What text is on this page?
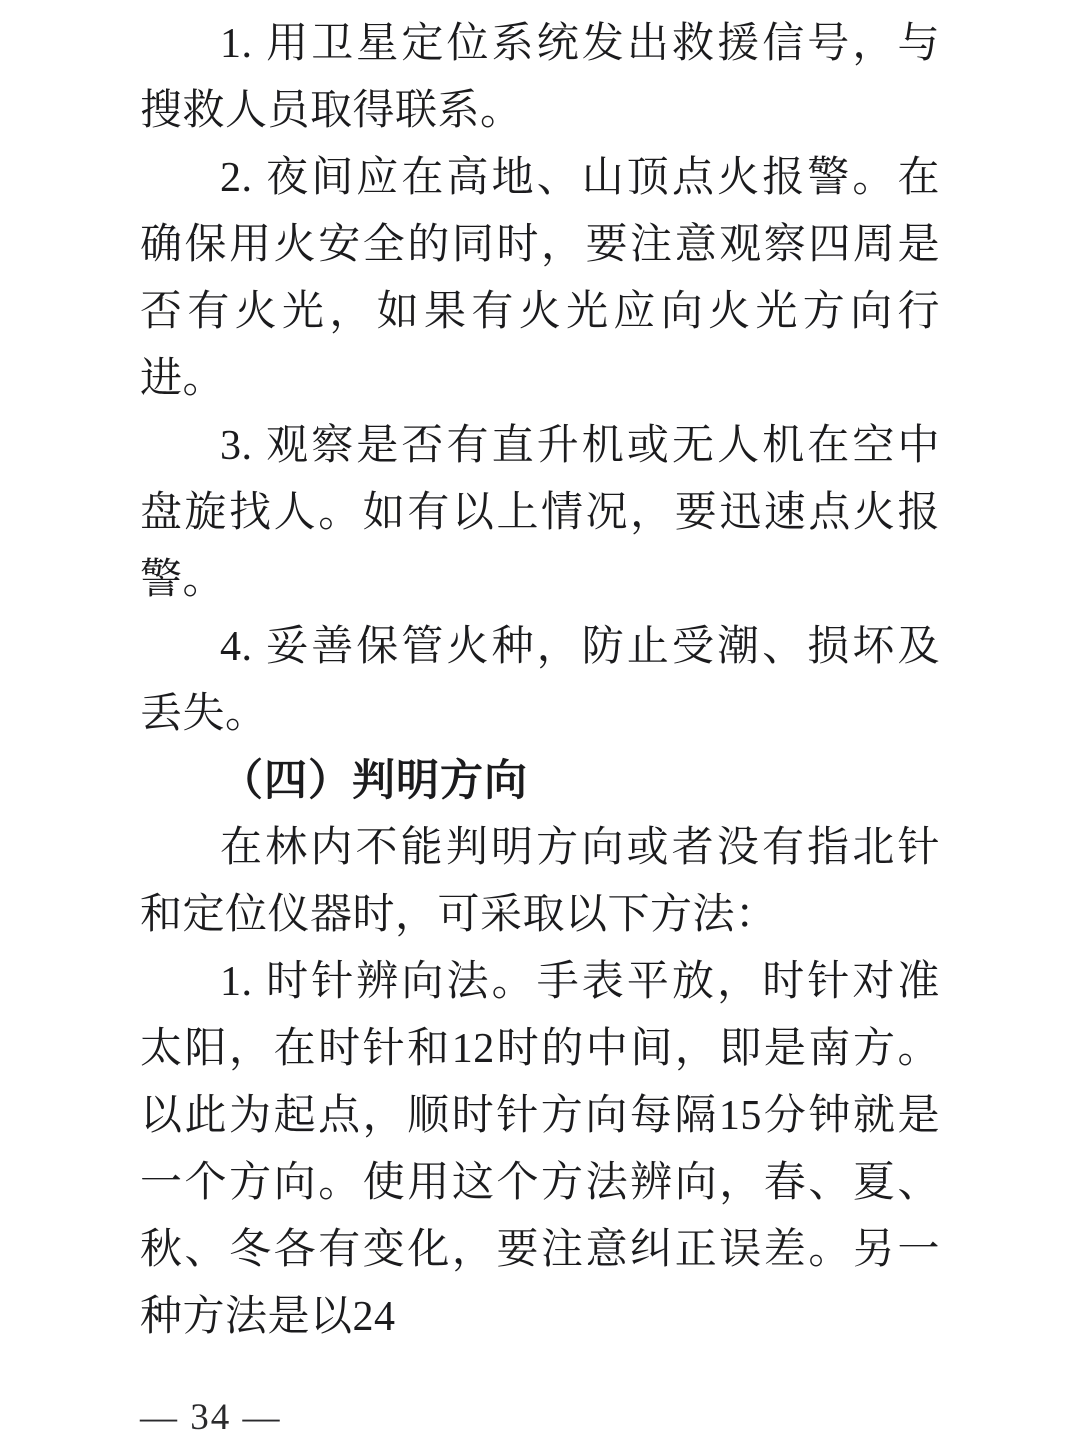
1. 用卫星定位系统发出救援信号，与搜救人员取得联系。

2. 夜间应在高地、山顶点火报警。在确保用火安全的同时，要注意观察四周是否有火光，如果有火光应向火光方向行进。

3. 观察是否有直升机或无人机在空中盘旋找人。如有以上情况，要迅速点火报警。

4. 妥善保管火种，防止受潮、损坏及丢失。

（四）判明方向

在林内不能判明方向或者没有指北针和定位仪器时，可采取以下方法：

1. 时针辨向法。手表平放，时针对准太阳，在时针和12时的中间，即是南方。以此为起点，顺时针方向每隔15分钟就是一个方向。使用这个方法辨向，春、夏、秋、冬各有变化，要注意纠正误差。另一种方法是以24

— 34 —
